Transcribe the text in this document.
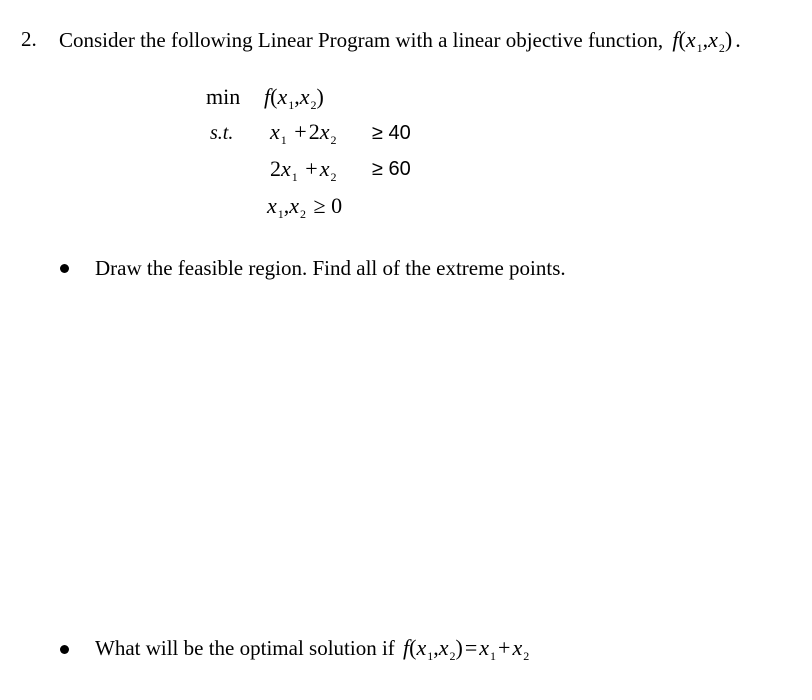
2. Consider the following Linear Program with a linear objective function, $f(x_1,x_2)$ .
$\min f(x_1,x_2)$
s.t. $x_1 +2x_2 \ge 40$
$2x_1 +x_2 \ge 60$
$x_1,x_2 \ge 0$
Draw the feasible region. Find all of the extreme points.
What will be the optimal solution if $f(x_1,x_2)=x_1+x_2$
